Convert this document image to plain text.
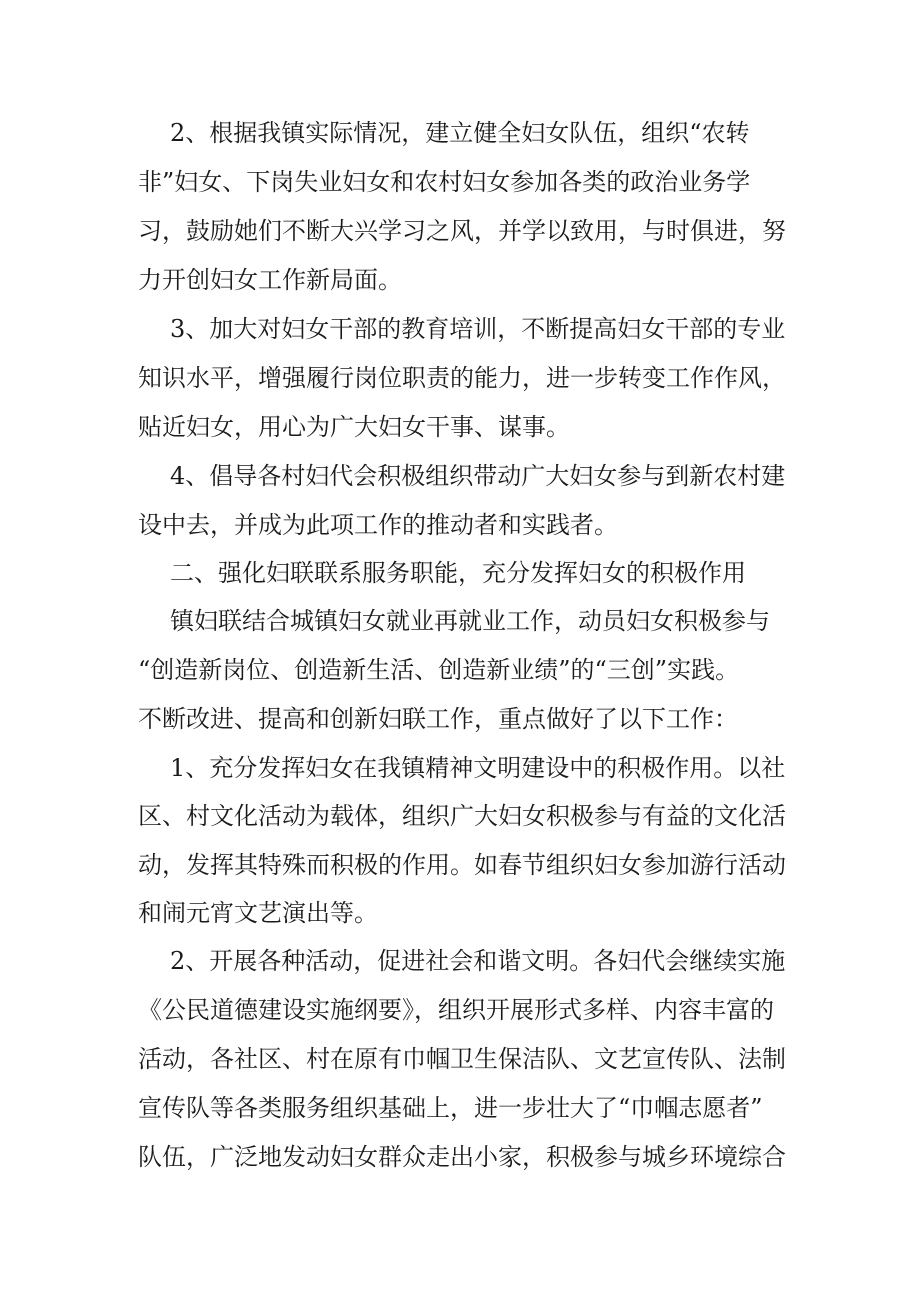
2、根据我镇实际情况，建立健全妇女队伍，组织“农转
非”妇女、下岗失业妇女和农村妇女参加各类的政治业务学
习，鼓励她们不断大兴学习之风，并学以致用，与时俱进，努
力开创妇女工作新局面。
3、加大对妇女干部的教育培训，不断提高妇女干部的专业
知识水平，增强履行岗位职责的能力，进一步转变工作作风，
贴近妇女，用心为广大妇女干事、谋事。
4、倡导各村妇代会积极组织带动广大妇女参与到新农村建
设中去，并成为此项工作的推动者和实践者。
二、强化妇联联系服务职能，充分发挥妇女的积极作用
镇妇联结合城镇妇女就业再就业工作，动员妇女积极参与
“创造新岗位、创造新生活、创造新业绩”的“三创”实践。
不断改进、提高和创新妇联工作，重点做好了以下工作：
1、充分发挥妇女在我镇精神文明建设中的积极作用。以社
区、村文化活动为载体，组织广大妇女积极参与有益的文化活
动，发挥其特殊而积极的作用。如春节组织妇女参加游行活动
和闹元宵文艺演出等。
2、开展各种活动，促进社会和谐文明。各妇代会继续实施
《公民道德建设实施纲要》，组织开展形式多样、内容丰富的
活动，各社区、村在原有巾帼卫生保洁队、文艺宣传队、法制
宣传队等各类服务组织基础上，进一步壮大了“巾帼志愿者”
队伍，广泛地发动妇女群众走出小家，积极参与城乡环境综合
